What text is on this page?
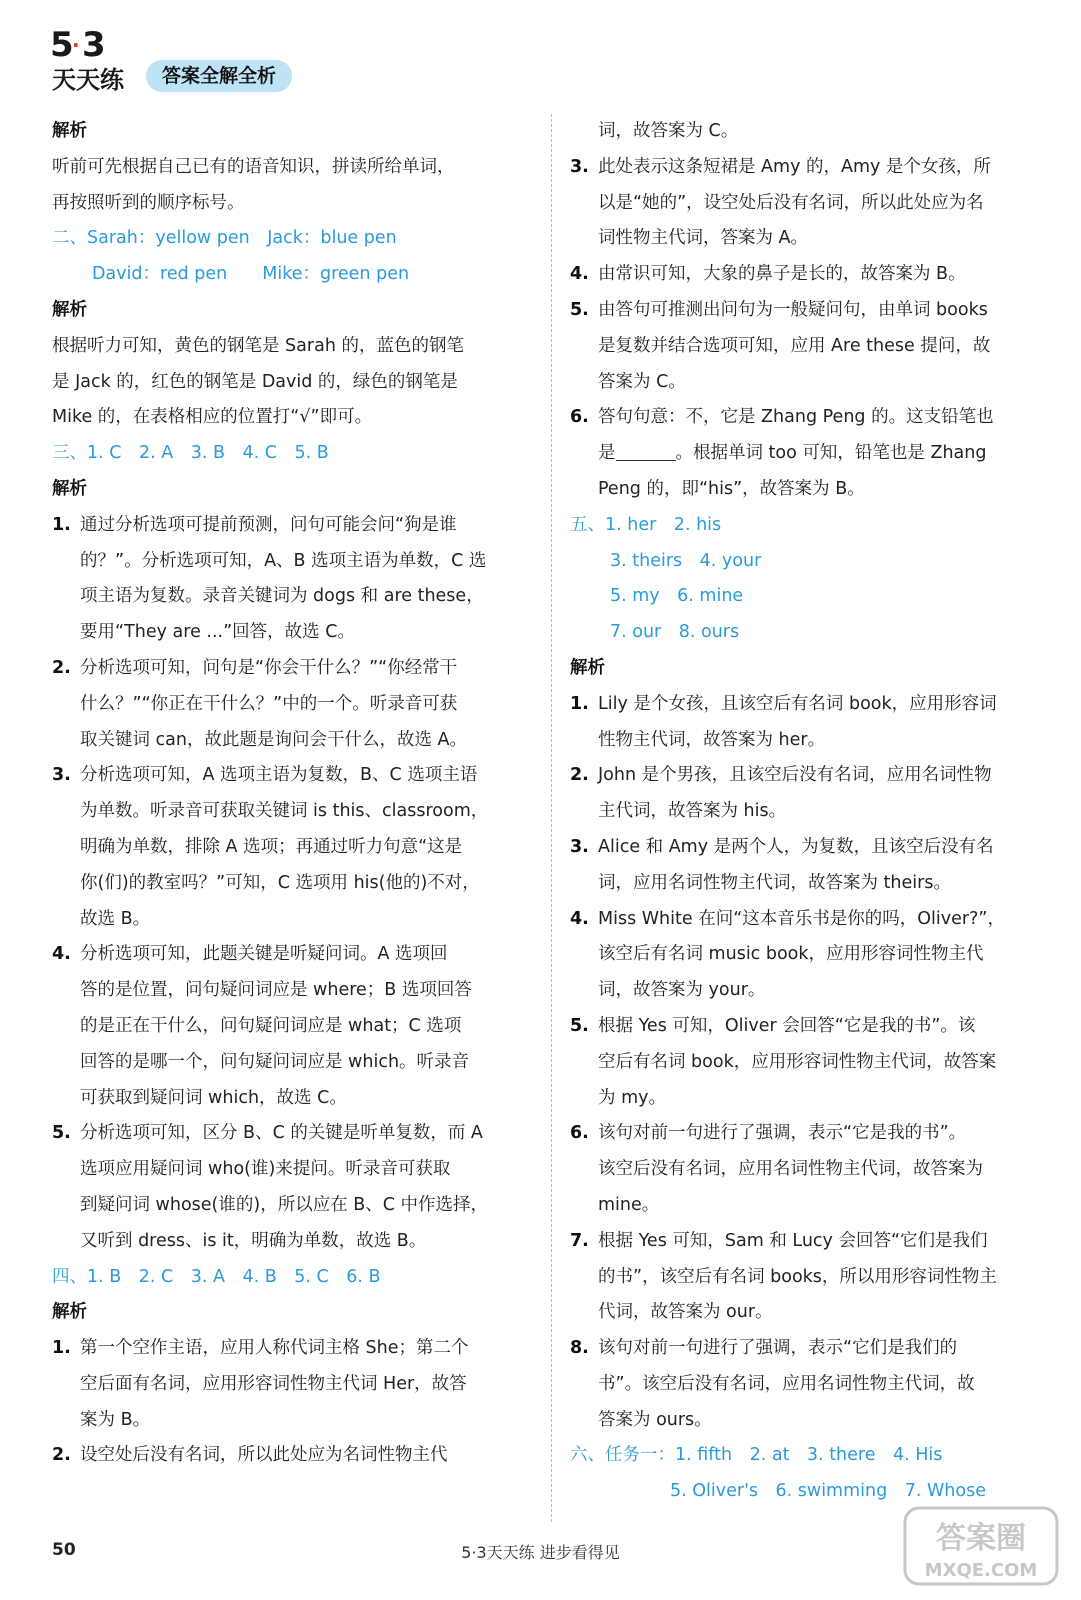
5
· 3
天天练	答案全解全析
解析
听前可先根据自己已有的语音知识，拼读所给单词，
再按照听到的顺序标号。
二、Sarah：yellow pen　Jack：blue pen
David：red pen　　Mike：green pen
解析
根据听力可知，黄色的钢笔是 Sarah 的，蓝色的钢笔
是 Jack 的，红色的钢笔是 David 的，绿色的钢笔是
Mike 的，在表格相应的位置打“√”即可。
三、1. C　2. A　3. B　4. C　5. B
解析
1. 通过分析选项可提前预测，问句可能会问“狗是谁
的？”。分析选项可知，A、B 选项主语为单数，C 选
项主语为复数。录音关键词为 dogs 和 are these，
要用“They are ...”回答，故选 C。
2. 分析选项可知，问句是“你会干什么？”“你经常干
什么？”“你正在干什么？”中的一个。听录音可获
取关键词 can，故此题是询问会干什么，故选 A。
3. 分析选项可知，A 选项主语为复数，B、C 选项主语
为单数。听录音可获取关键词 is this、classroom，
明确为单数，排除 A 选项；再通过听力句意“这是
你(们)的教室吗？”可知，C 选项用 his(他的)不对，
故选 B。
4. 分析选项可知，此题关键是听疑问词。A 选项回
答的是位置，问句疑问词应是 where；B 选项回答
的是正在干什么，问句疑问词应是 what；C 选项
回答的是哪一个，问句疑问词应是 which。听录音
可获取到疑问词 which，故选 C。
5. 分析选项可知，区分 B、C 的关键是听单复数，而 A
选项应用疑问词 who(谁)来提问。听录音可获取
到疑问词 whose(谁的)，所以应在 B、C 中作选择，
又听到 dress、is it，明确为单数，故选 B。
四、1. B　2. C　3. A　4. B　5. C　6. B
解析
1. 第一个空作主语，应用人称代词主格 She；第二个
空后面有名词，应用形容词性物主代词 Her，故答
案为 B。
2. 设空处后没有名词，所以此处应为名词性物主代
词，故答案为 C。
3. 此处表示这条短裙是 Amy 的，Amy 是个女孩，所
以是“她的”，设空处后没有名词，所以此处应为名
词性物主代词，答案为 A。
4. 由常识可知，大象的鼻子是长的，故答案为 B。
5. 由答句可推测出问句为一般疑问句，由单词 books
是复数并结合选项可知，应用 Are these 提问，故
答案为 C。
6. 答句句意：不，它是 Zhang Peng 的。这支铅笔也
是	。根据单词 too 可知，铅笔也是 Zhang
Peng 的，即“his”，故答案为 B。
五、1. her　2. his
3. theirs　4. your
5. my　6. mine
7. our　8. ours
解析
1. Lily 是个女孩，且该空后有名词 book，应用形容词
性物主代词，故答案为 her。
2. John 是个男孩，且该空后没有名词，应用名词性物
主代词，故答案为 his。
3. Alice 和 Amy 是两个人，为复数，且该空后没有名
词，应用名词性物主代词，故答案为 theirs。
4. Miss White 在问“这本音乐书是你的吗，Oliver?”，
该空后有名词 music book，应用形容词性物主代
词，故答案为 your。
5. 根据 Yes 可知，Oliver 会回答“它是我的书”。该
空后有名词 book，应用形容词性物主代词，故答案
为 my。
6. 该句对前一句进行了强调，表示“它是我的书”。
该空后没有名词，应用名词性物主代词，故答案为
mine。
7. 根据 Yes 可知，Sam 和 Lucy 会回答“它们是我们
的书”，该空后有名词 books，所以用形容词性物主
代词，故答案为 our。
8. 该句对前一句进行了强调，表示“它们是我们的
书”。该空后没有名词，应用名词性物主代词，故
答案为 ours。
六、任务一：1. fifth　2. at　3. there　4. His
5. Oliver's　6. swimming　7. Whose
50	5·3天天练 进步看得见	答案圈
MXQE.COM
